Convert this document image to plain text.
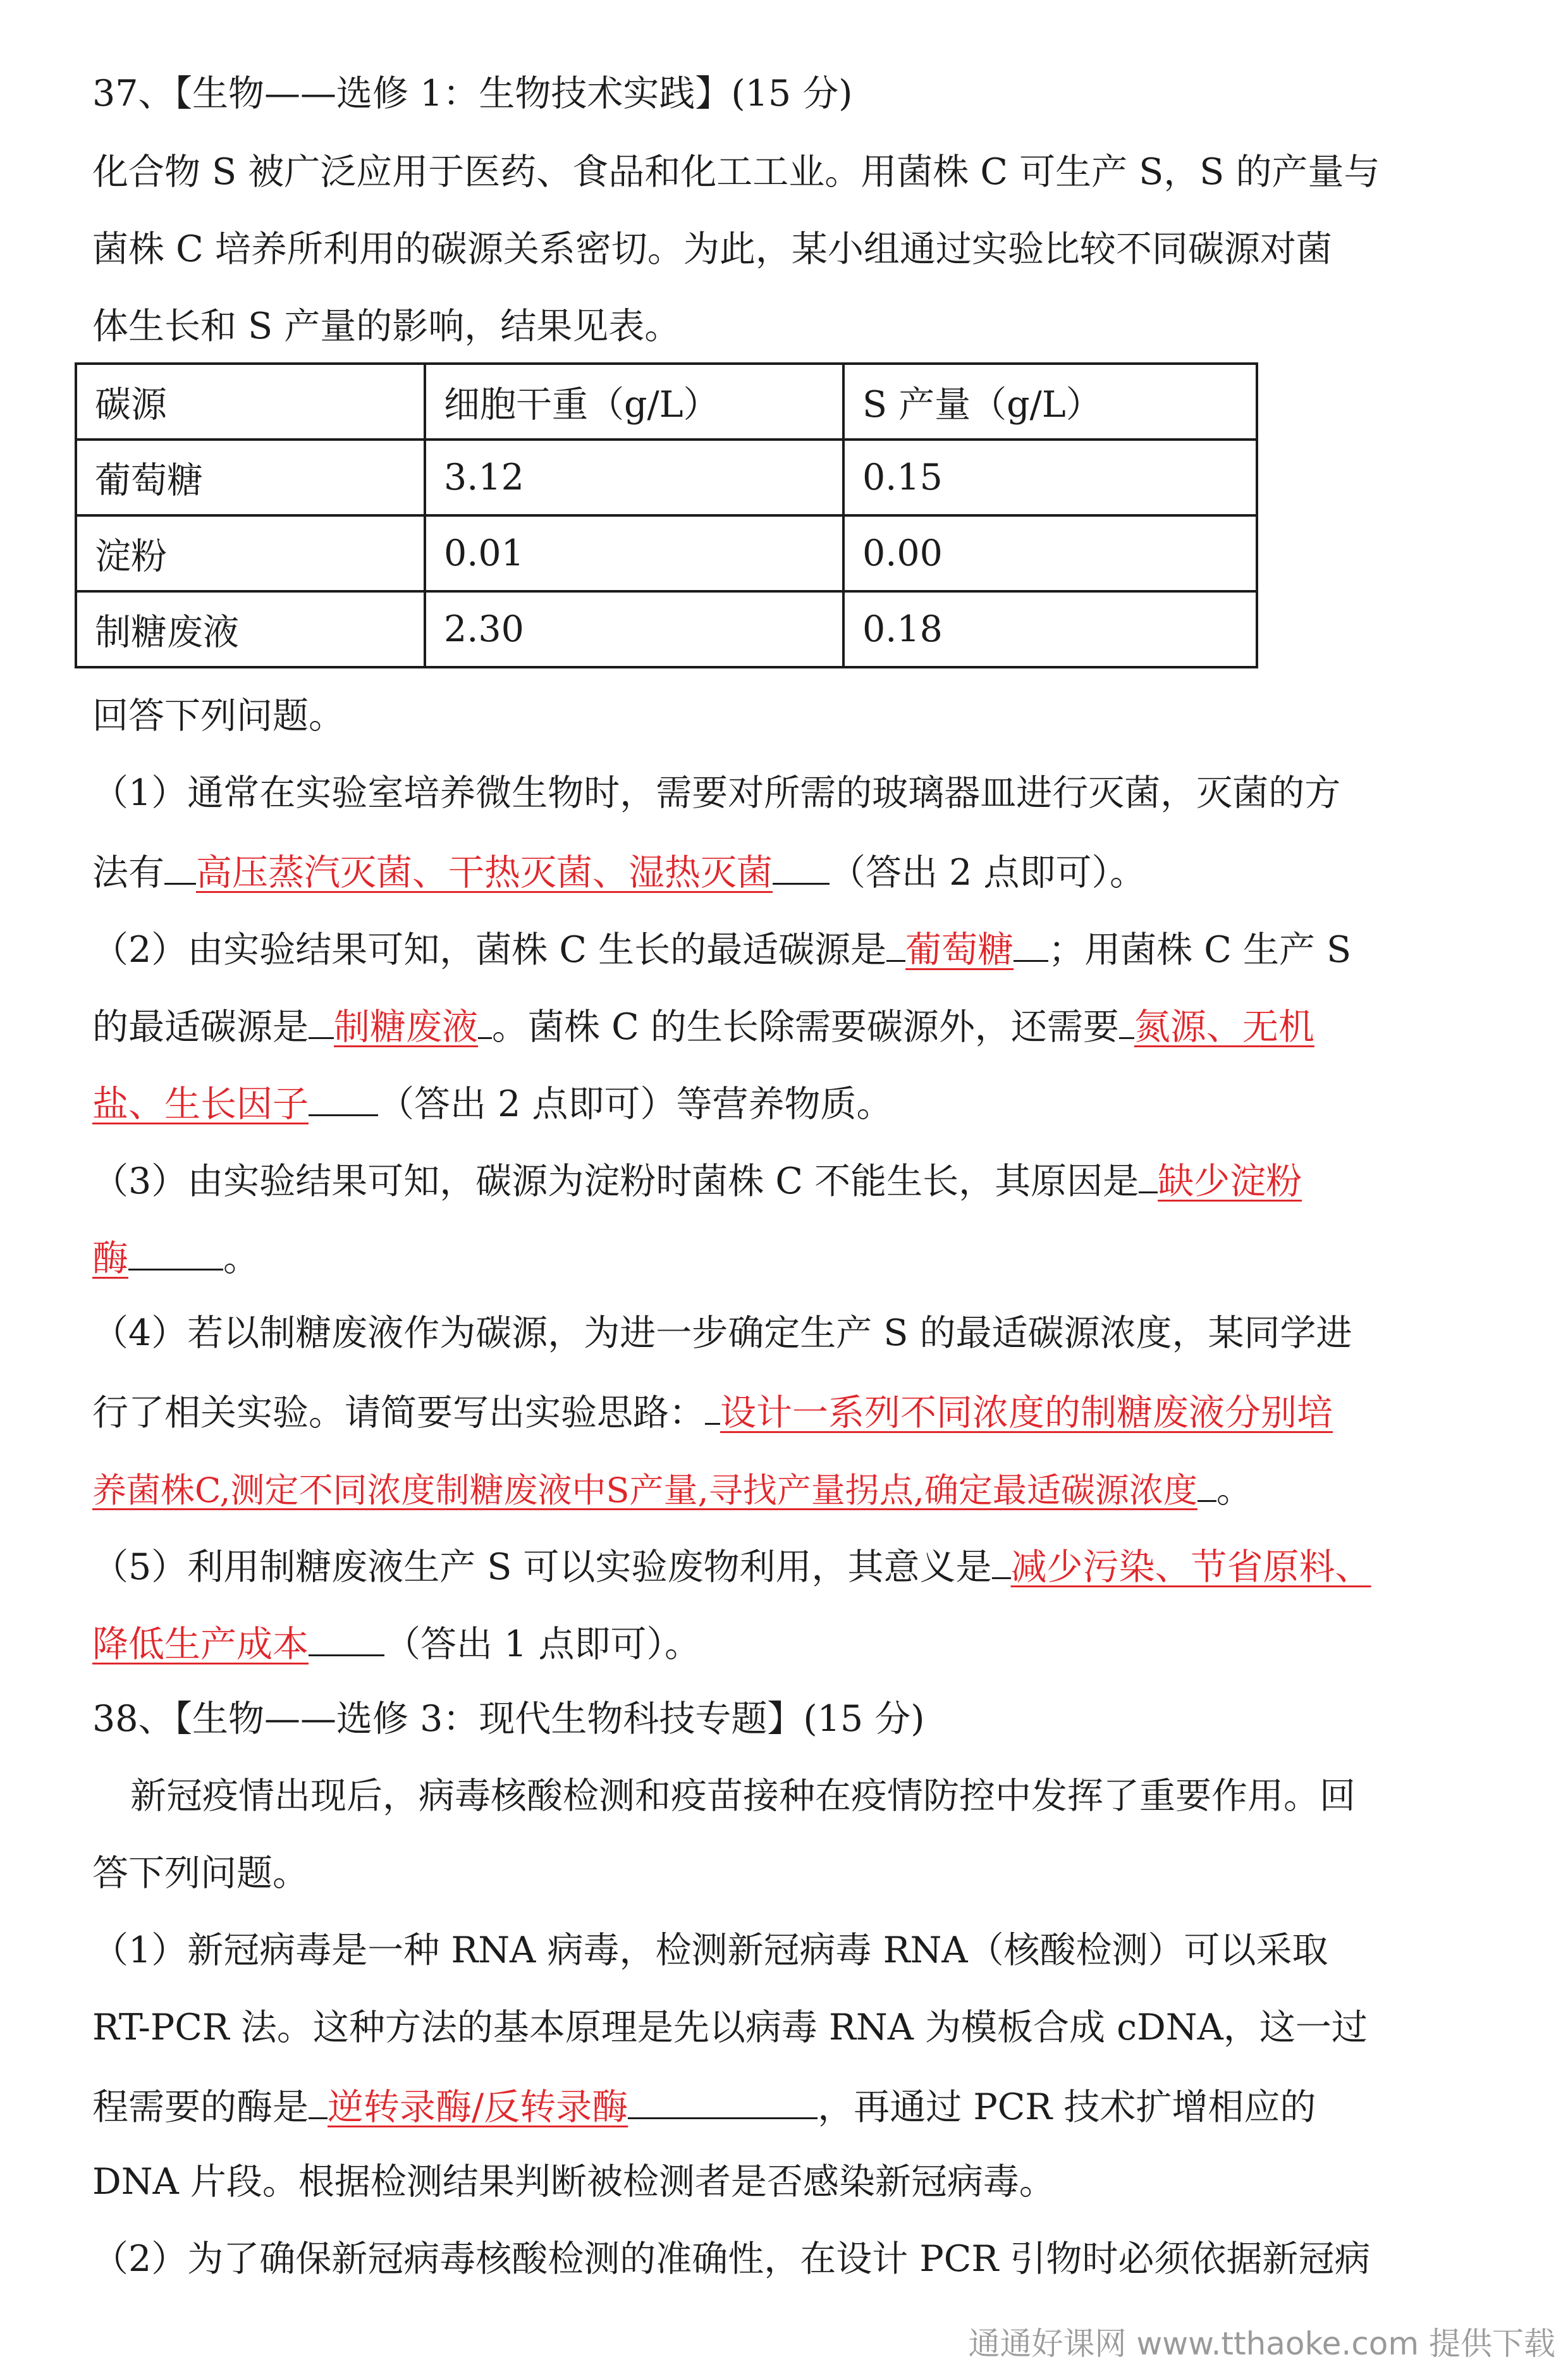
37、【生物——选修 1：生物技术实践】(15 分)
化合物 S 被广泛应用于医药、食品和化工工业。用菌株 C 可生产 S，S 的产量与
菌株 C 培养所利用的碳源关系密切。为此，某小组通过实验比较不同碳源对菌
体生长和 S 产量的影响，结果见表。
碳源	细胞干重（g/L）	S 产量（g/L）
葡萄糖	3.12	0.15
淀粉	0.01	0.00
制糖废液	2.30	0.18
回答下列问题。
（1）通常在实验室培养微生物时，需要对所需的玻璃器皿进行灭菌，灭菌的方
法有 高压蒸汽灭菌、干热灭菌、湿热灭菌 （答出 2 点即可）。
（2）由实验结果可知，菌株 C 生长的最适碳源是 葡萄糖 ；用菌株 C 生产 S
的最适碳源是 制糖废液 。菌株 C 的生长除需要碳源外，还需要 氮源、无机
盐、生长因子 （答出 2 点即可）等营养物质。
（3）由实验结果可知，碳源为淀粉时菌株 C 不能生长，其原因是 缺少淀粉
酶	。
（4）若以制糖废液作为碳源，为进一步确定生产 S 的最适碳源浓度，某同学进
行了相关实验。请简要写出实验思路： 设计一系列不同浓度的制糖废液分别培
养菌株C,测定不同浓度制糖废液中S产量,寻找产量拐点,确定最适碳源浓度 。
（5）利用制糖废液生产 S 可以实验废物利用，其意义是 减少污染、节省原料、
降低生产成本 （答出 1 点即可）。
38、【生物——选修 3：现代生物科技专题】(15 分)
新冠疫情出现后，病毒核酸检测和疫苗接种在疫情防控中发挥了重要作用。回
答下列问题。
（1）新冠病毒是一种 RNA 病毒，检测新冠病毒 RNA（核酸检测）可以采取
RT-PCR 法。这种方法的基本原理是先以病毒 RNA 为模板合成 cDNA，这一过
程需要的酶是 逆转录酶/反转录酶	，再通过 PCR 技术扩增相应的
DNA 片段。根据检测结果判断被检测者是否感染新冠病毒。
（2）为了确保新冠病毒核酸检测的准确性，在设计 PCR 引物时必须依据新冠病
通通好课网 www.tthaoke.com 提供下载
